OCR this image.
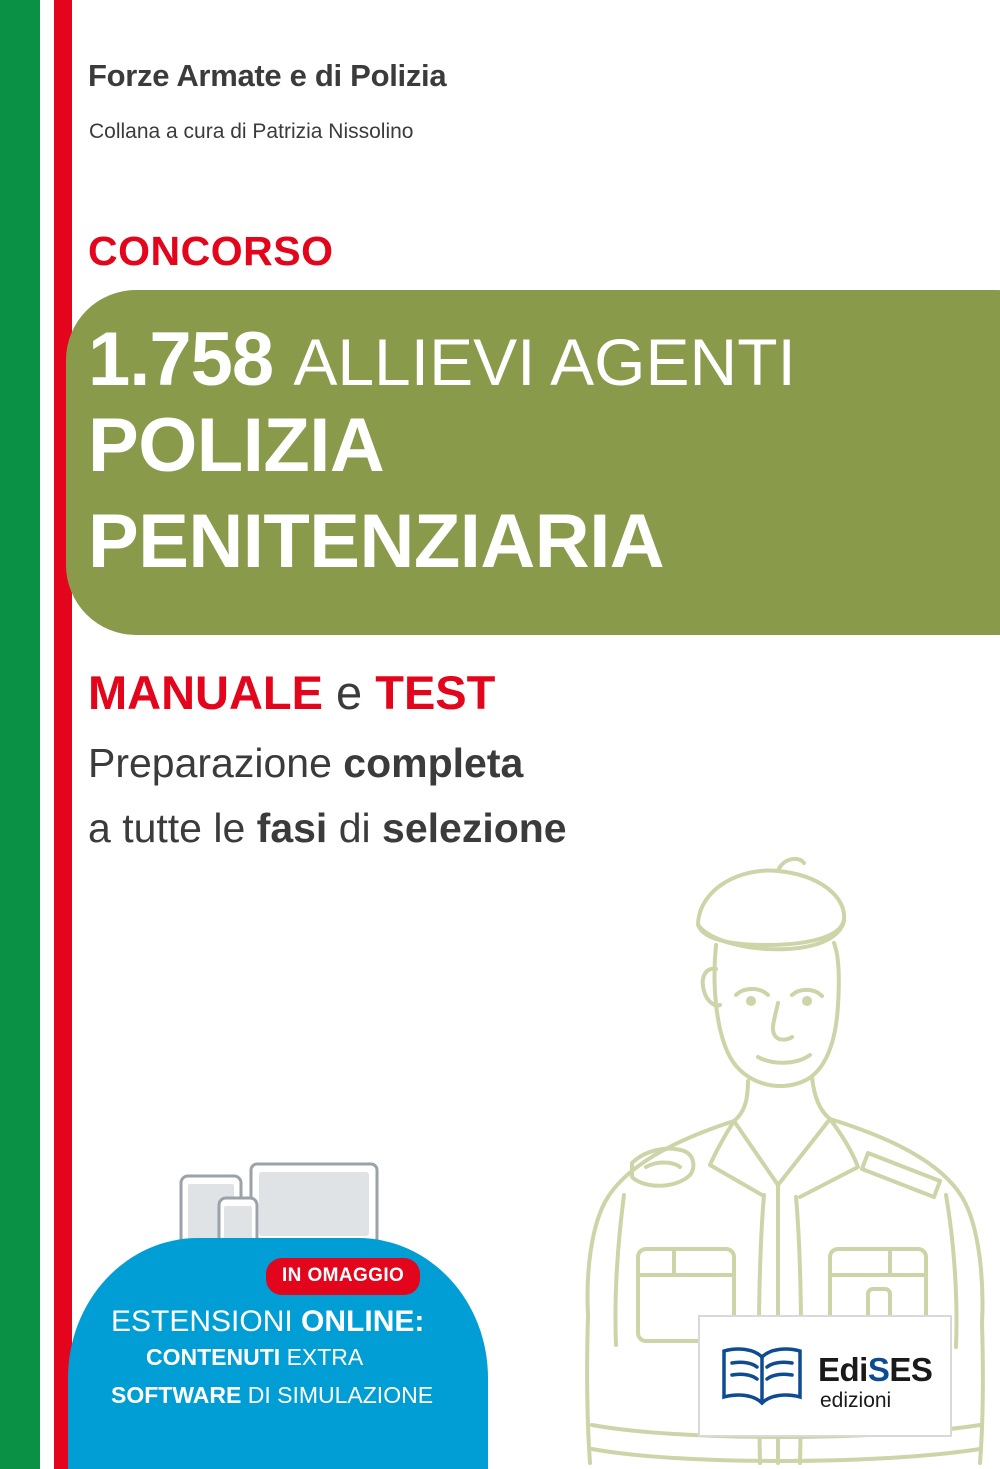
Forze Armate e di Polizia
Collana a cura di Patrizia Nissolino
CONCORSO
1.758 ALLIEVI AGENTI
POLIZIA
PENITENZIARIA
MANUALE e TEST
Preparazione completa
a tutte le fasi di selezione
IN OMAGGIO
ESTENSIONI ONLINE:
CONTENUTI EXTRA
SOFTWARE DI SIMULAZIONE
EdiSES
edizioni
